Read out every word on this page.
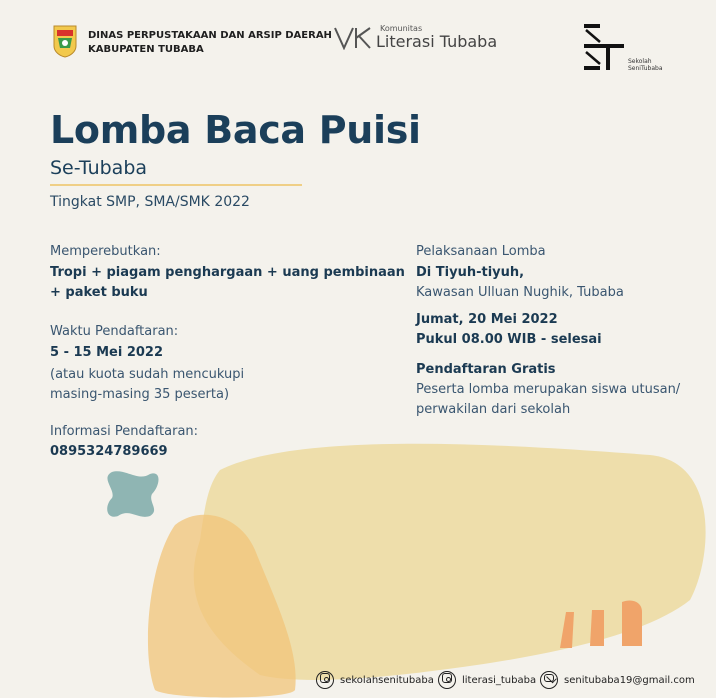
DINAS PERPUSTAKAAN DAN ARSIP DAERAH
KABUPATEN TUBABA
Komunitas
Literasi Tubaba
Sekolah
SeniTubaba
Lomba Baca Puisi
Se-Tubaba
Tingkat SMP, SMA/SMK 2022
Memperebutkan:
Tropi + piagam penghargaan + uang pembinaan
+ paket buku
Waktu Pendaftaran:
5 - 15 Mei 2022
(atau kuota sudah mencukupi
masing-masing 35 peserta)
Informasi Pendaftaran:
0895324789669
Pelaksanaan Lomba
Di Tiyuh-tiyuh,
Kawasan Ulluan Nughik, Tubaba
Jumat, 20 Mei 2022
Pukul 08.00 WIB - selesai
Pendaftaran Gratis
Peserta lomba merupakan siswa utusan/
perwakilan dari sekolah
sekolahsenitubaba	literasi_tubaba	senitubaba19@gmail.com
